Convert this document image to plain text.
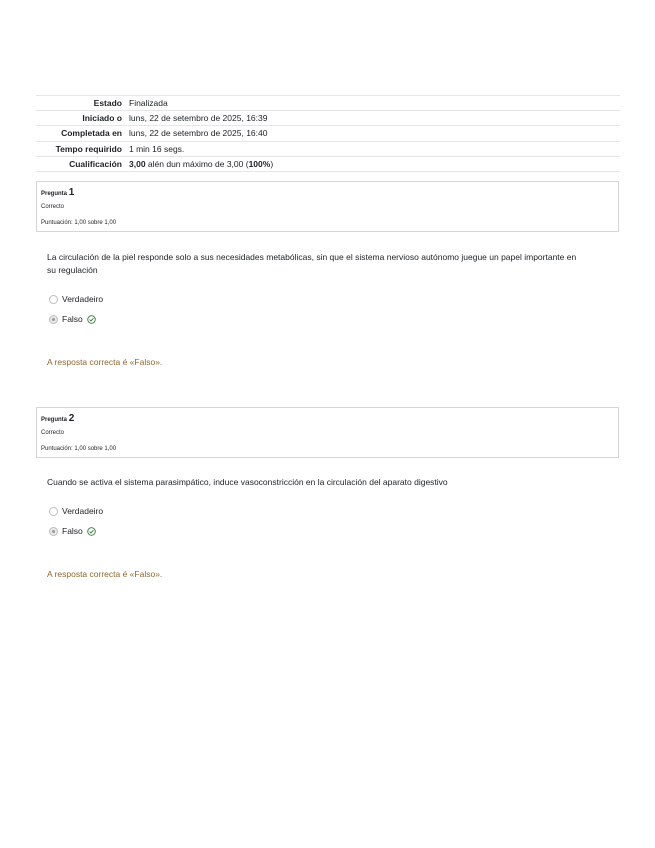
Estado	Finalizada
Iniciado o	luns, 22 de setembro de 2025, 16:39
Completada en	luns, 22 de setembro de 2025, 16:40
Tempo requirido	1 min 16 segs.
Cualificación	3,00 alén dun máximo de 3,00 (100%)
Pregunta 1
Correcto
Puntuación: 1,00 sobre 1,00
La circulación de la piel responde solo a sus necesidades metabólicas, sin que el sistema nervioso autónomo juegue un papel importante en
su regulación
Verdadeiro
Falso
A resposta correcta é «Falso».
Pregunta 2
Correcto
Puntuación: 1,00 sobre 1,00
Cuando se activa el sistema parasimpático, induce vasoconstricción en la circulación del aparato digestivo
Verdadeiro
Falso
A resposta correcta é «Falso».
